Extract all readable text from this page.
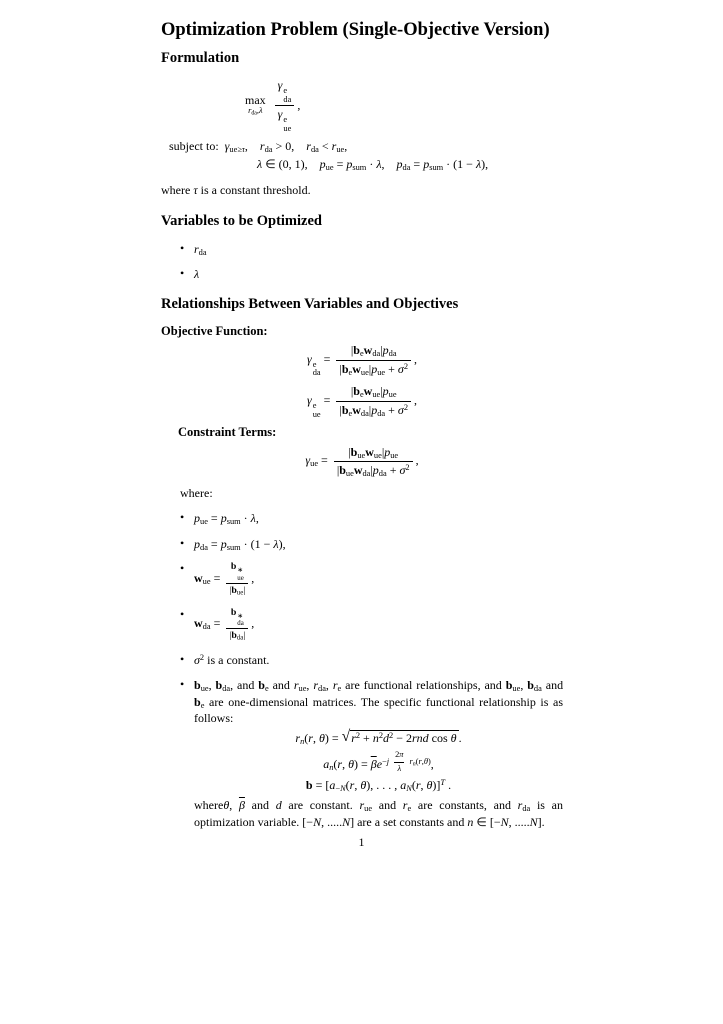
Optimization Problem (Single-Objective Version)
Formulation
max
rda,λ

γ e
da
γ e
ue
,
subject to: γue≥τ, rda > 0, rda < rue,
λ ∈ (0, 1), pue = psum · λ, pda = psum · (1 − λ),

where τ is a constant threshold.

Variables to be Optimized
• rda
• λ
Relationships Between Variables and Objectives
Objective Function:
γ e
da
=
|bewda|pda
|bewue|pue + $\sigma^2$
,
γ e
ue
=
|bewue|pue
|bewda|pda + $\sigma^2$
,
Constraint Terms:
γue =
|buewue|pue
|buewda|pda + $\sigma^2$
,

where:

• pue = psum · λ,
• pda = psum · (1 − λ),
• wue =
b ∗
ue
|bue|
,
• wda =
b ∗
da
|bda|
,
• $\sigma^2$ is a constant.
• bue, bda, and be and rue, rda, re are functional relationships, and bue, bda and be are one-dimensional matrices. The specific functional relationship is as follows:
rn(r, θ) = √ $r^2 + n^2d^2 - 2rnd$ cos θ .
an(r, $\theta) = \overline{\beta}e^{-j \frac{2\pi}{\lambda} rn(r,\theta)}$,
b = [a−N(r, θ), . . . , aN(r, θ)]$^T$ .
whereθ, $\overline{\beta}$ and d are constant. rue and re are constants, and rda is an optimization variable. [−N, .....N] are a set constants and n ∈ [−N, .....N].
1
